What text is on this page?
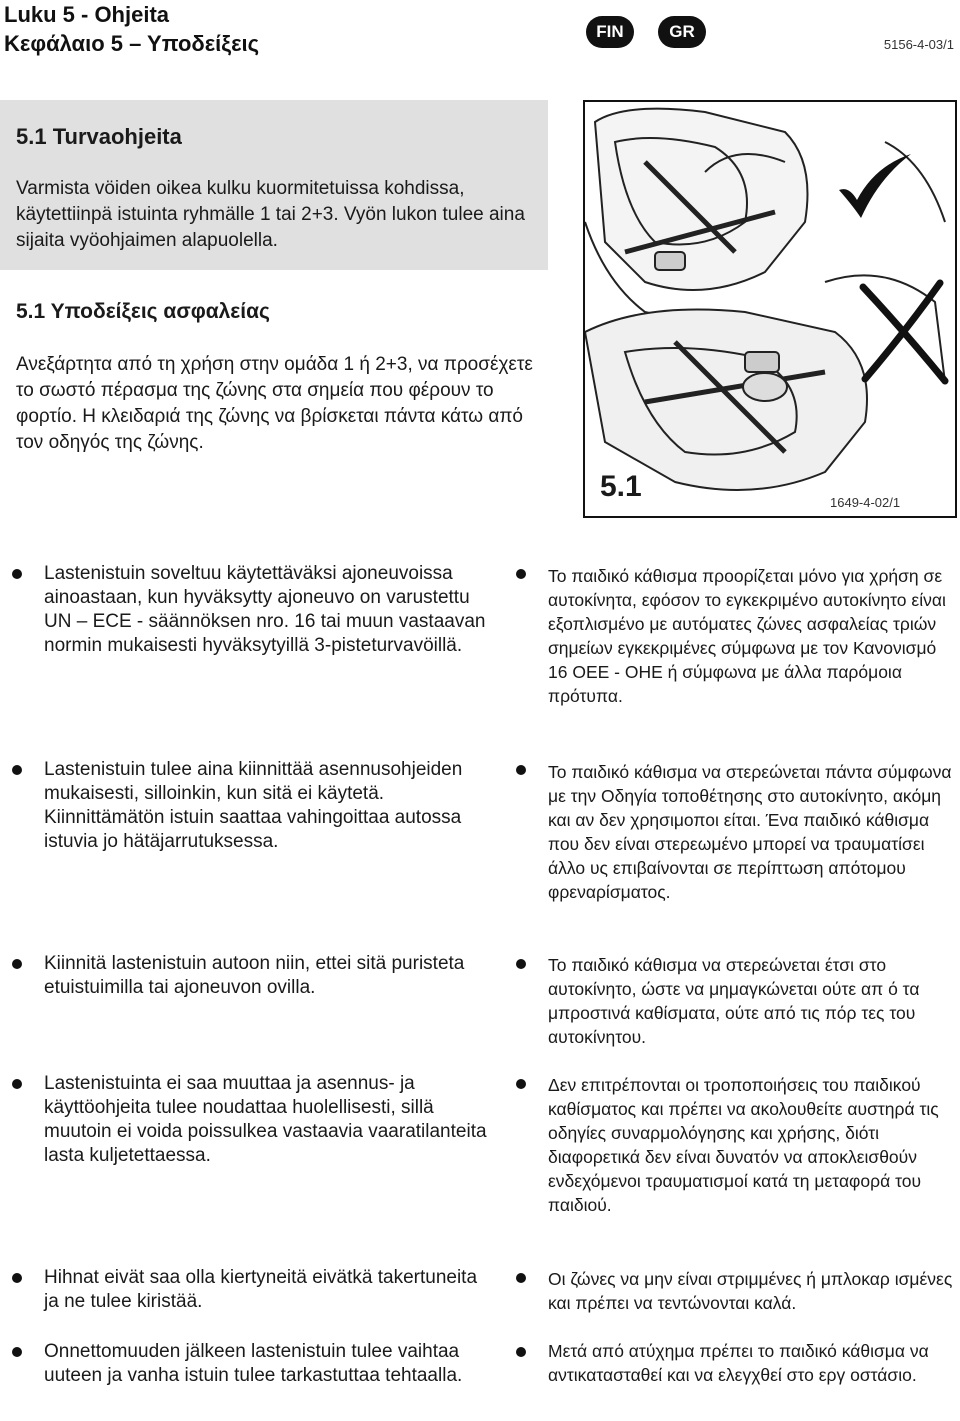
Luku 5 - Ohjeita
Κεφάλαιο 5 – Υποδείξεις	FIN	GR
5156-4-03/1
5.1 Turvaohjeita
Varmista vöiden oikea kulku kuormitetuissa kohdissa, käytettiinpä istuinta ryhmälle 1 tai 2+3. Vyön lukon tulee aina sijaita vyöohjaimen alapuolella.
5.1 Υποδείξεις ασφαλείας
Ανεξάρτητα από τη χρήση στην ομάδα 1 ή 2+3, να προσέχετε το σωστό πέρασμα της ζώνης στα σημεία που φέρουν το φορτίο. Η κλειδαριά της ζώνης να βρίσκεται πάντα κάτω από τον οδηγός της ζώνης.
5.1	1649-4-02/1
Lastenistuin soveltuu käytettäväksi ajoneuvoissa ainoastaan, kun hyväksytty ajoneuvo on varustettu UN – ECE - säännöksen nro. 16 tai muun vastaavan normin mukaisesti hyväksytyillä 3-pisteturvavöillä.
Lastenistuin tulee aina kiinnittää asennusohjeiden mukaisesti, silloinkin, kun sitä ei käytetä. Kiinnittämätön istuin saattaa vahingoittaa autossa istuvia jo hätäjarrutuksessa.
Kiinnitä lastenistuin autoon niin, ettei sitä puristeta etuistuimilla tai ajoneuvon ovilla.
Lastenistuinta ei saa muuttaa ja asennus- ja käyttöohjeita tulee noudattaa huolellisesti, sillä muutoin ei voida poissulkea vastaavia vaaratilanteita lasta kuljetettaessa.
Hihnat eivät saa olla kiertyneitä eivätkä takertuneita ja ne tulee kiristää.
Onnettomuuden jälkeen lastenistuin tulee vaihtaa uuteen ja vanha istuin tulee tarkastuttaa tehtaalla.
Το παιδικό κάθισμα προορίζεται μόνο για χρήση σε αυτοκίνητα, εφόσον το εγκεκριμένο αυτοκίνητο είναι εξοπλισμένο με αυτόματες ζώνες ασφαλείας τριών σημείων εγκεκριμένες σύμφωνα με τον Κανονισμό 16 ΟΕΕ - ΟΗΕ ή σύμφωνα με άλλα παρόμοια πρότυπα.
Το παιδικό κάθισμα να στερεώνεται πάντα σύμφωνα με την Οδηγία τοποθέτησης στο αυτοκίνητο, ακόμη και αν δεν χρησιμοποι είται. Ένα παιδικό κάθισμα που δεν είναι στερεωμένο μπορεί να τραυματίσει άλλο υς επιβαίνονται σε περίπτωση απότομου φρεναρίσματος.
Το παιδικό κάθισμα να στερεώνεται έτσι στο αυτοκίνητο, ώστε να μημαγκώνεται ούτε απ ό τα μπροστινά καθίσματα, ούτε από τις πόρ τες του αυτοκίνητου.
Δεν επιτρέπονται οι τροποποιήσεις του παιδικού καθίσματος και πρέπει να ακολουθείτε αυστηρά τις οδηγίες συναρμολόγησης και χρήσης, διότι διαφορετικά δεν είναι δυνατόν να αποκλεισθούν ενδεχόμενοι τραυματισμοί κατά τη μεταφορά του παιδιού.
Οι ζώνες να μην είναι στριμμένες ή μπλοκαρ ισμένες και πρέπει να τεντώνονται καλά.
Μετά από ατύχημα πρέπει το παιδικό κάθισμα να αντικατασταθεί και να ελεγχθεί στο εργ οστάσιο.
